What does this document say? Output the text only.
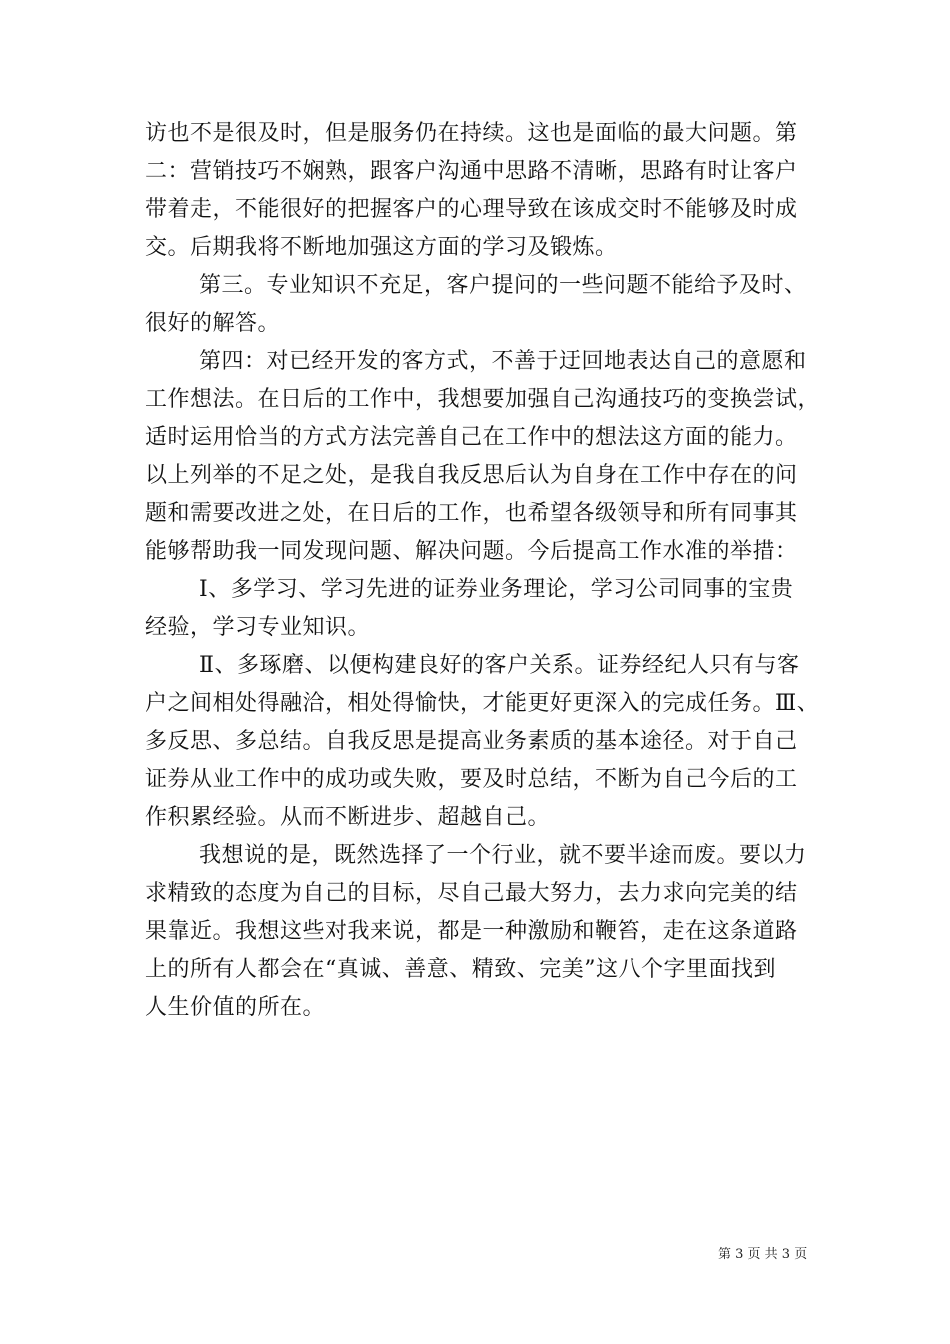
访也不是很及时，但是服务仍在持续。这也是面临的最大问题。第
二：营销技巧不娴熟，跟客户沟通中思路不清晰，思路有时让客户
带着走，不能很好的把握客户的心理导致在该成交时不能够及时成
交。后期我将不断地加强这方面的学习及锻炼。
第三。专业知识不充足，客户提问的一些问题不能给予及时、
很好的解答。
第四：对已经开发的客方式，不善于迂回地表达自己的意愿和
工作想法。在日后的工作中，我想要加强自己沟通技巧的变换尝试，
适时运用恰当的方式方法完善自己在工作中的想法这方面的能力。
以上列举的不足之处，是我自我反思后认为自身在工作中存在的问
题和需要改进之处，在日后的工作，也希望各级领导和所有同事其
能够帮助我一同发现问题、解决问题。今后提高工作水准的举措：
Ⅰ、多学习、学习先进的证券业务理论，学习公司同事的宝贵
经验，学习专业知识。
Ⅱ、多琢磨、以便构建良好的客户关系。证券经纪人只有与客
户之间相处得融洽，相处得愉快，才能更好更深入的完成任务。Ⅲ、
多反思、多总结。自我反思是提高业务素质的基本途径。对于自己
证券从业工作中的成功或失败，要及时总结，不断为自己今后的工
作积累经验。从而不断进步、超越自己。
我想说的是，既然选择了一个行业，就不要半途而废。要以力
求精致的态度为自己的目标，尽自己最大努力，去力求向完美的结
果靠近。我想这些对我来说，都是一种激励和鞭笞，走在这条道路
上的所有人都会在“真诚、善意、精致、完美”这八个字里面找到
人生价值的所在。
第 3 页 共 3 页
